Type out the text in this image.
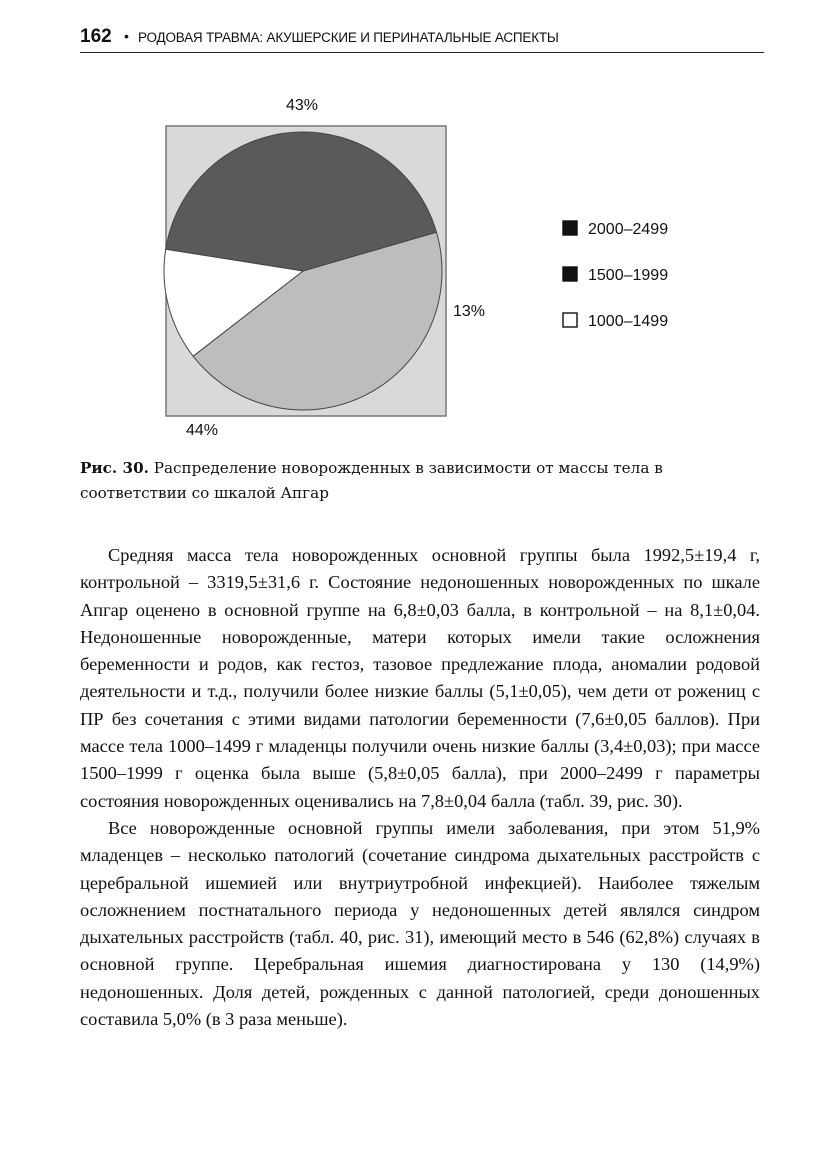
162 • РОДОВАЯ ТРАВМА: АКУШЕРСКИЕ И ПЕРИНАТАЛЬНЫЕ АСПЕКТЫ
43%
44%
13%
2000–2499
1500–1999
1000–1499
Рис. 30. Распределение новорожденных в зависимости от массы тела в соответствии со шкалой Апгар

Средняя масса тела новорожденных основной группы была 1992,5±19,4 г, контрольной – 3319,5±31,6 г. Состояние недоношенных новорожденных по шкале Апгар оценено в основной группе на 6,8±0,03 балла, в контрольной – на 8,1±0,04. Недоношенные новорожденные, матери которых имели такие осложнения беременности и родов, как гестоз, тазовое предлежание плода, аномалии родовой деятельности и т.д., получили более низкие баллы (5,1±0,05), чем дети от рожениц с ПР без сочетания с этими видами патологии беременности (7,6±0,05 баллов). При массе тела 1000–1499 г младенцы получили очень низкие баллы (3,4±0,03); при массе 1500–1999 г оценка была выше (5,8±0,05 балла), при 2000–2499 г параметры состояния новорожденных оценивались на 7,8±0,04 балла (табл. 39, рис. 30).

Все новорожденные основной группы имели заболевания, при этом 51,9% младенцев – несколько патологий (сочетание синдрома дыхательных расстройств с церебральной ишемией или внутриутробной инфекцией). Наиболее тяжелым осложнением постнатального периода у недоношенных детей являлся синдром дыхательных расстройств (табл. 40, рис. 31), имеющий место в 546 (62,8%) случаях в основной группе. Церебральная ишемия диагностирована у 130 (14,9%) недоношенных. Доля детей, рожденных с данной патологией, среди доношенных составила 5,0% (в 3 раза меньше).
